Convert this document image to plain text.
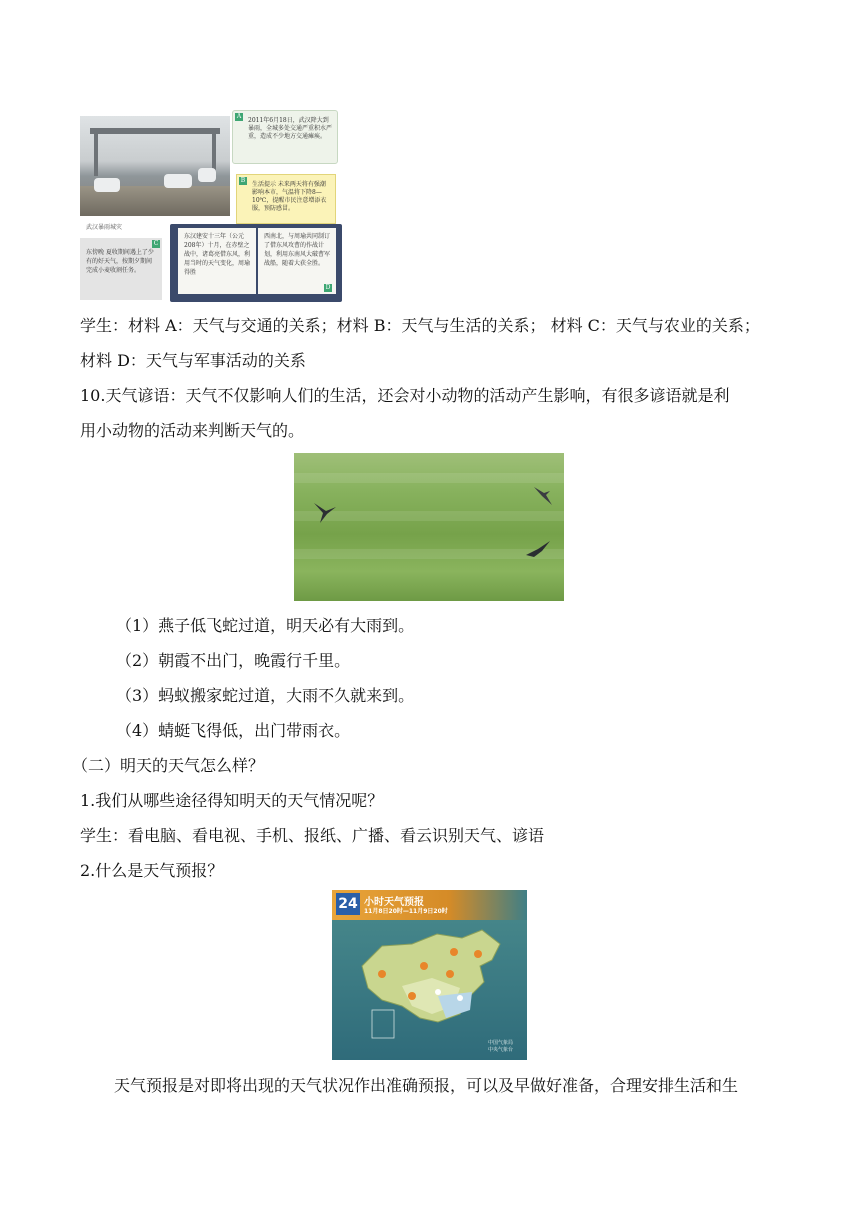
武汉暴雨城灾
A
2011年6月18日，武汉降大到暴雨，全城多处交通严重积水严重，造成不少地方交通瘫痪。
B
生活提示 未来两天将有强潮影响本市，气温将下降8—10℃，提醒市民注意增添衣服，预防感冒。
C
东傍晚 夏收期间遇上了少有的好天气，按期夕期间完成小麦收割任务。
东汉建安十三年（公元208年）十月，在赤壁之战中，诸葛亮借东风，利用当时的天气变化，周瑜得胜
西南北，与周瑜共同制订了借东风攻曹的作战计划，利用东南风大破曹军战船，随着大获全胜。
D
学生：材料 A：天气与交通的关系；材料 B：天气与生活的关系； 材料 C：天气与农业的关系；
材料 D：天气与军事活动的关系
10.天气谚语：天气不仅影响人们的生活，还会对小动物的活动产生影响，有很多谚语就是利
用小动物的活动来判断天气的。
（1）燕子低飞蛇过道，明天必有大雨到。
（2）朝霞不出门，晚霞行千里。
（3）蚂蚁搬家蛇过道，大雨不久就来到。
（4）蜻蜓飞得低，出门带雨衣。
（二）明天的天气怎么样？
1.我们从哪些途径得知明天的天气情况呢？
学生：看电脑、看电视、手机、报纸、广播、看云识别天气、谚语
2.什么是天气预报？
24 小时天气预报
11月8日20时—11月9日20时
中国气象局
中央气象台
天气预报是对即将出现的天气状况作出准确预报，可以及早做好准备，合理安排生活和生
